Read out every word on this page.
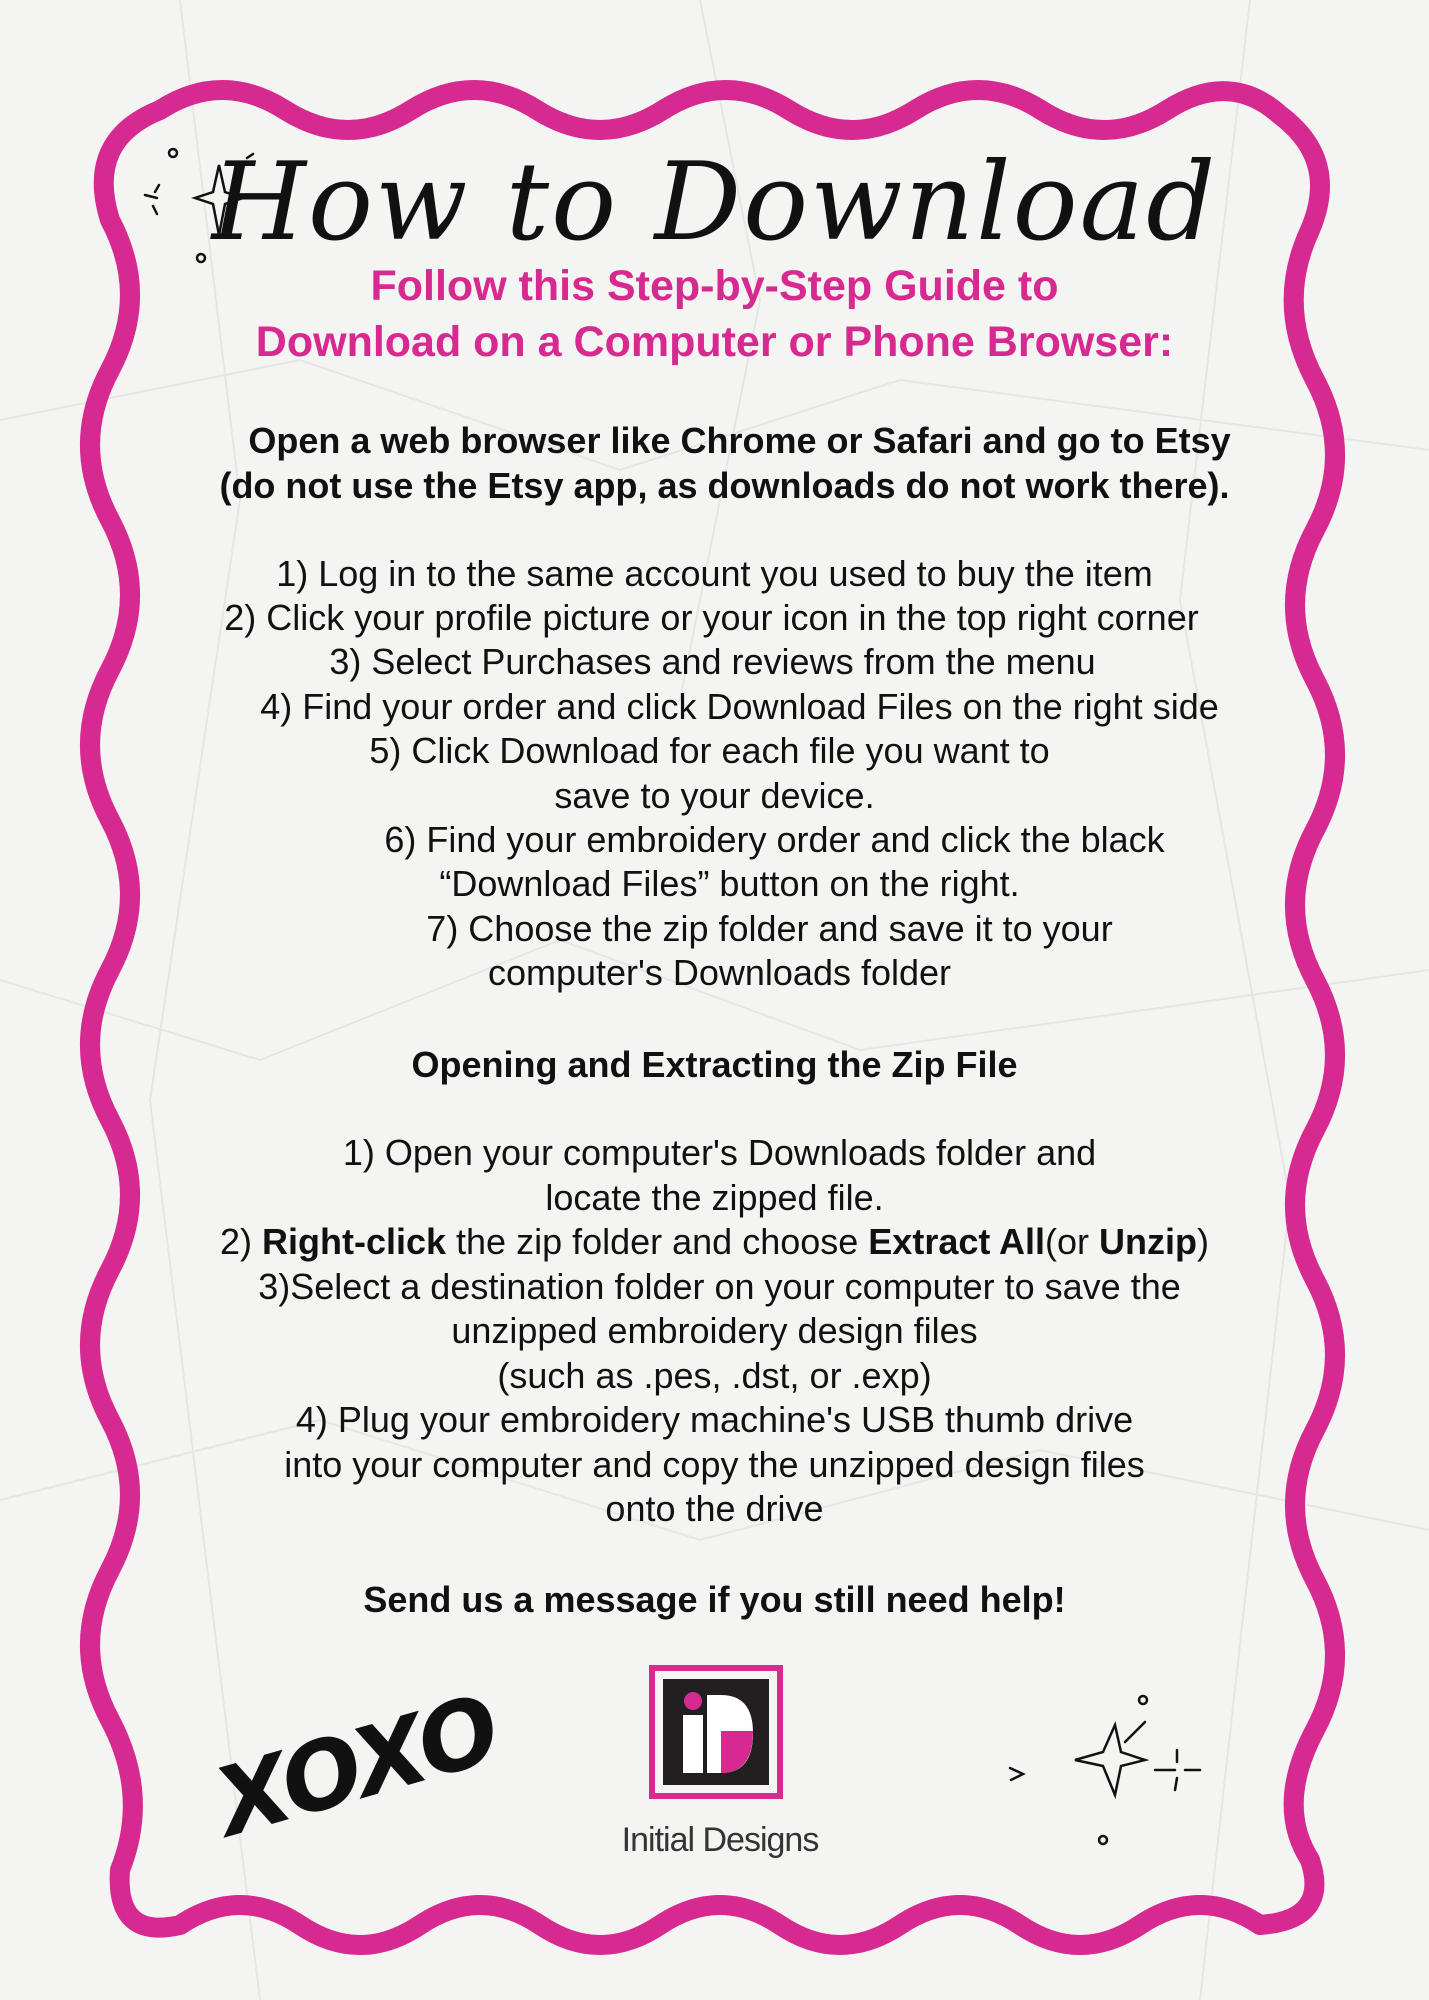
How to Download
Follow this Step-by-Step Guide to
Download on a Computer or Phone Browser:
Open a web browser like Chrome or Safari and go to Etsy
(do not use the Etsy app, as downloads do not work there).
1) Log in to the same account you used to buy the item
2) Click your profile picture or your icon in the top right corner
3) Select Purchases and reviews from the menu
4) Find your order and click Download Files on the right side
5) Click Download for each file you want to
save to your device.
6) Find your embroidery order and click the black
“Download Files” button on the right.
7) Choose the zip folder and save it to your
computer's Downloads folder
Opening and Extracting the Zip File
1) Open your computer's Downloads folder and
locate the zipped file.
2) Right-click the zip folder and choose Extract All(or Unzip)
3)Select a destination folder on your computer to save the
unzipped embroidery design files
(such as .pes, .dst, or .exp)
4) Plug your embroidery machine's USB thumb drive
into your computer and copy the unzipped design files
onto the drive
Send us a message if you still need help!
XOXO	Initial Designs
